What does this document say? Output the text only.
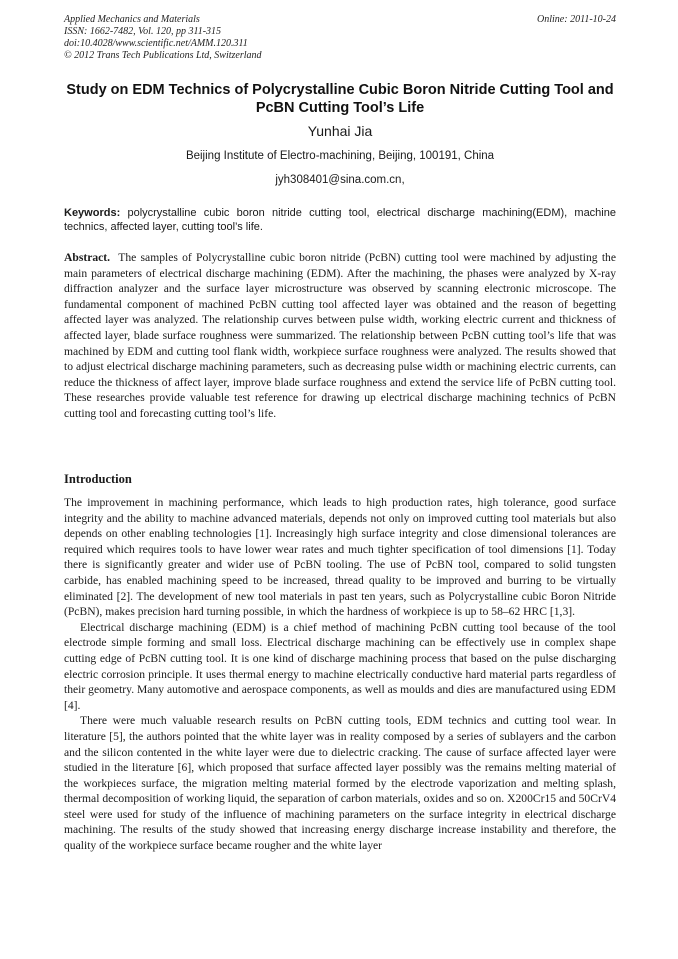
Applied Mechanics and Materials
ISSN: 1662-7482, Vol. 120, pp 311-315
doi:10.4028/www.scientific.net/AMM.120.311
© 2012 Trans Tech Publications Ltd, Switzerland
Online: 2011-10-24
Study on EDM Technics of Polycrystalline Cubic Boron Nitride Cutting Tool and PcBN Cutting Tool’s Life
Yunhai Jia
Beijing Institute of Electro-machining, Beijing, 100191, China
jyh308401@sina.com.cn,
Keywords: polycrystalline cubic boron nitride cutting tool, electrical discharge machining(EDM), machine technics, affected layer, cutting tool’s life.
Abstract. The samples of Polycrystalline cubic boron nitride (PcBN) cutting tool were machined by adjusting the main parameters of electrical discharge machining (EDM). After the machining, the phases were analyzed by X-ray diffraction analyzer and the surface layer microstructure was observed by scanning electronic microscope. The fundamental component of machined PcBN cutting tool affected layer was obtained and the reason of begetting affected layer was analyzed. The relationship curves between pulse width, working electric current and thickness of affected layer, blade surface roughness were summarized. The relationship between PcBN cutting tool’s life that was machined by EDM and cutting tool flank width, workpiece surface roughness were analyzed. The results showed that to adjust electrical discharge machining parameters, such as decreasing pulse width or machining electric currents, can reduce the thickness of affect layer, improve blade surface roughness and extend the service life of PcBN cutting tool. These researches provide valuable test reference for drawing up electrical discharge machining technics of PcBN cutting tool and forecasting cutting tool’s life.
Introduction

The improvement in machining performance, which leads to high production rates, high tolerance, good surface integrity and the ability to machine advanced materials, depends not only on improved cutting tool materials but also depends on other enabling technologies [1]. Increasingly high surface integrity and close dimensional tolerances are required which requires tools to have lower wear rates and much tighter specification of tool dimensions [1]. Today there is significantly greater and wider use of PcBN tooling. The use of PcBN tool, compared to solid tungsten carbide, has enabled machining speed to be increased, thread quality to be improved and burring to be virtually eliminated [2]. The development of new tool materials in past ten years, such as Polycrystalline cubic Boron Nitride (PcBN), makes precision hard turning possible, in which the hardness of workpiece is up to 58–62 HRC [1,3].

Electrical discharge machining (EDM) is a chief method of machining PcBN cutting tool because of the tool electrode simple forming and small loss. Electrical discharge machining can be effectively use in complex shape cutting edge of PcBN cutting tool. It is one kind of discharge machining process that based on the pulse discharging electric corrosion principle. It uses thermal energy to machine electrically conductive hard material parts regardless of their geometry. Many automotive and aerospace components, as well as moulds and dies are manufactured using EDM [4].

There were much valuable research results on PcBN cutting tools, EDM technics and cutting tool wear. In literature [5], the authors pointed that the white layer was in reality composed by a series of sublayers and the carbon and the silicon contented in the white layer were due to dielectric cracking. The cause of surface affected layer were studied in the literature [6], which proposed that surface affected layer possibly was the remains melting material of the workpieces surface, the migration melting material formed by the electrode vaporization and melting splash, thermal decomposition of working liquid, the separation of carbon materials, oxides and so on. X200Cr15 and 50CrV4 steel were used for study of the influence of machining parameters on the surface integrity in electrical discharge machining. The results of the study showed that increasing energy discharge increase instability and therefore, the quality of the workpiece surface became rougher and the white layer
